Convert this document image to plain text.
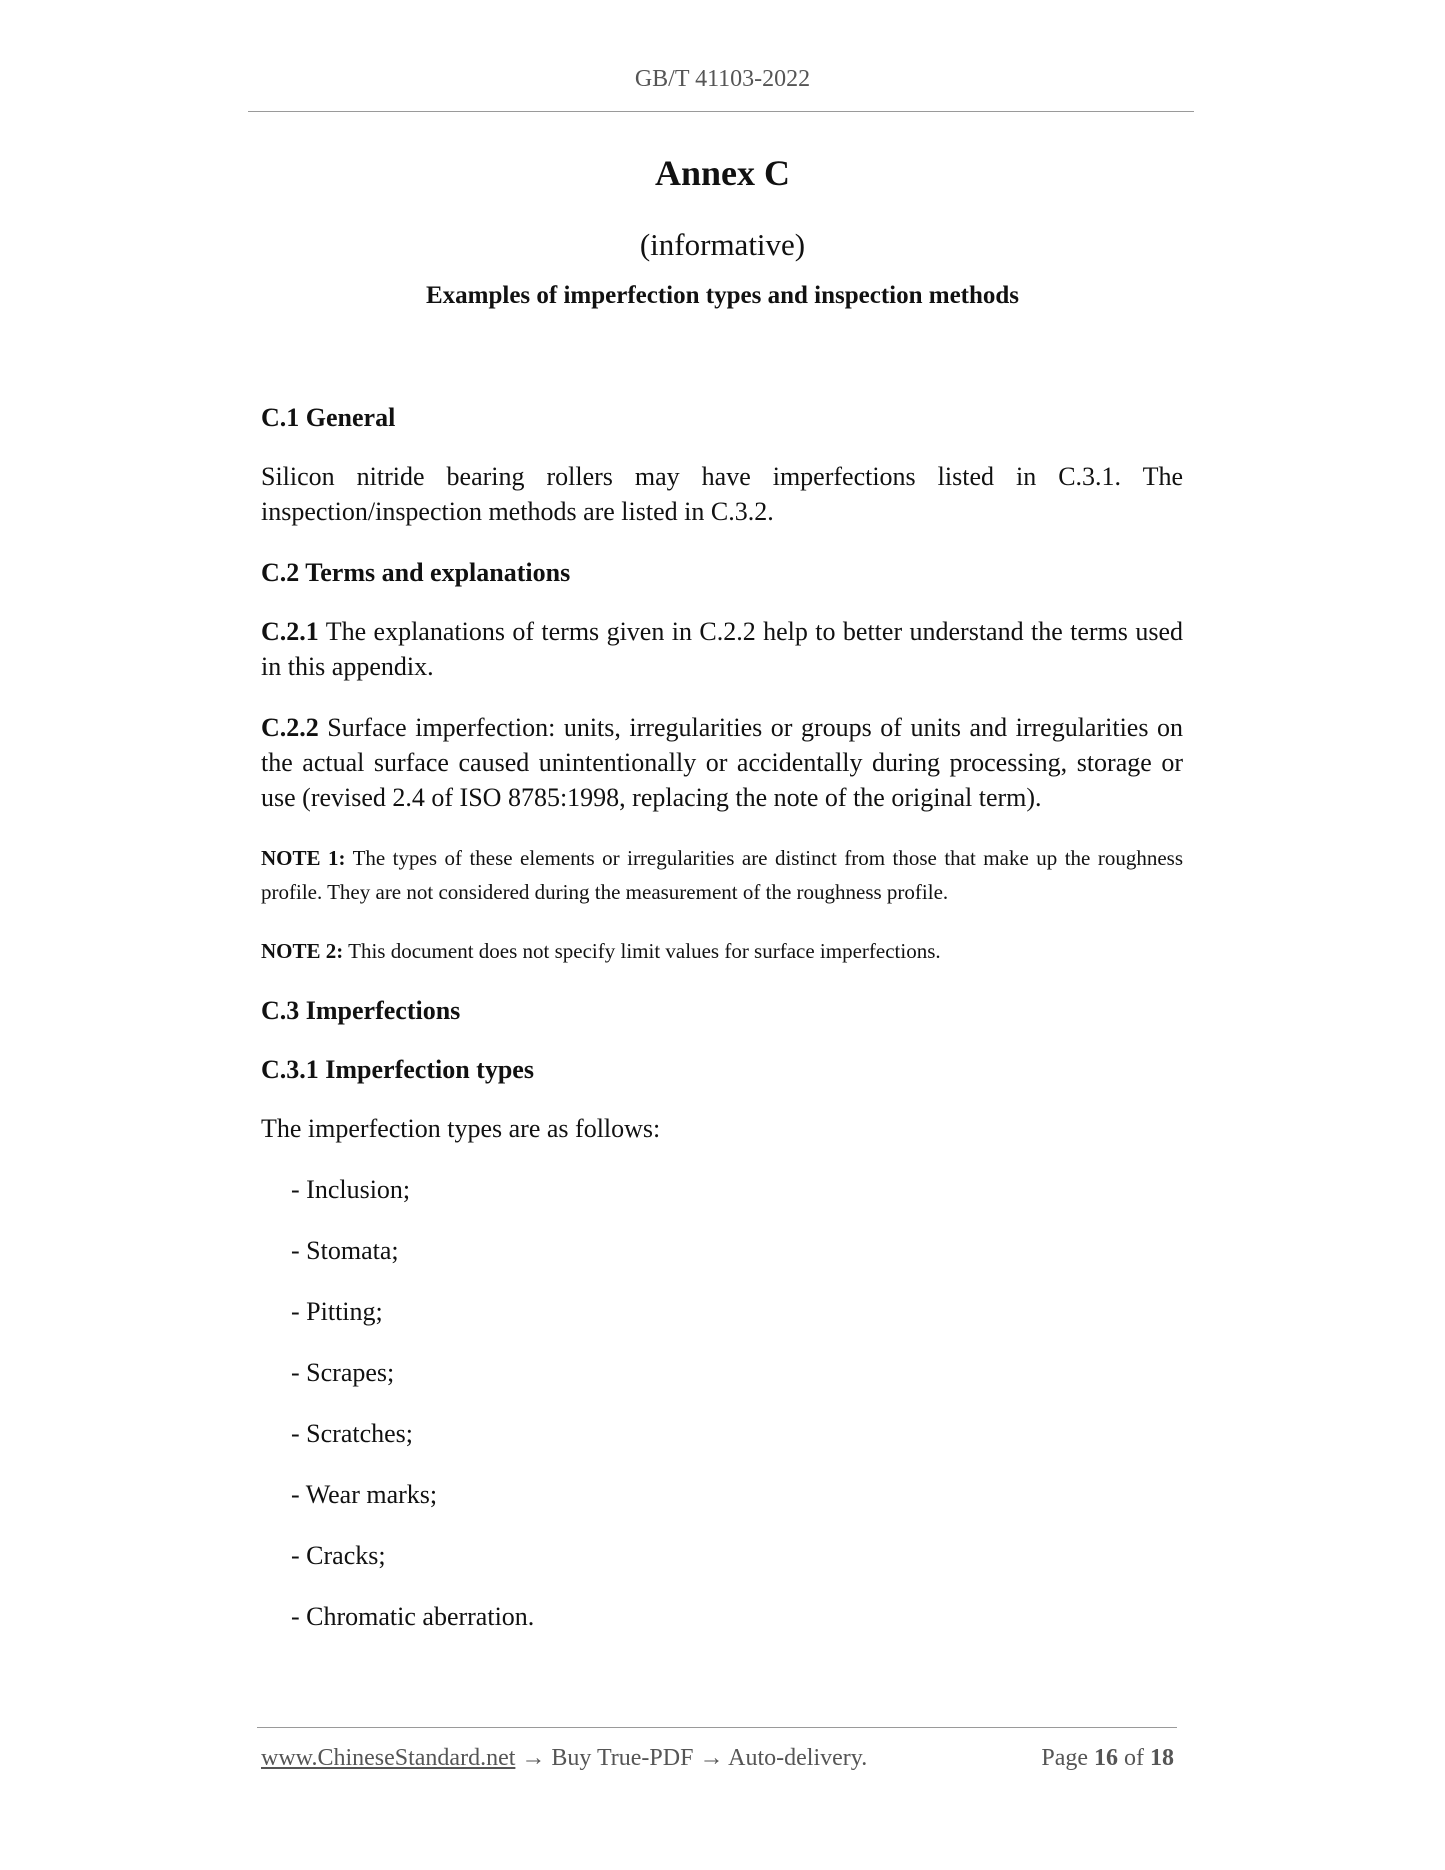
GB/T 41103-2022
Annex C
(informative)
Examples of imperfection types and inspection methods
C.1 General
Silicon nitride bearing rollers may have imperfections listed in C.3.1. The inspection/inspection methods are listed in C.3.2.
C.2 Terms and explanations
C.2.1 The explanations of terms given in C.2.2 help to better understand the terms used in this appendix.
C.2.2 Surface imperfection: units, irregularities or groups of units and irregularities on the actual surface caused unintentionally or accidentally during processing, storage or use (revised 2.4 of ISO 8785:1998, replacing the note of the original term).
NOTE 1: The types of these elements or irregularities are distinct from those that make up the roughness profile. They are not considered during the measurement of the roughness profile.
NOTE 2: This document does not specify limit values for surface imperfections.
C.3 Imperfections
C.3.1 Imperfection types
The imperfection types are as follows:
- Inclusion;
- Stomata;
- Pitting;
- Scrapes;
- Scratches;
- Wear marks;
- Cracks;
- Chromatic aberration.
www.ChineseStandard.net → Buy True-PDF → Auto-delivery.	Page 16 of 18
